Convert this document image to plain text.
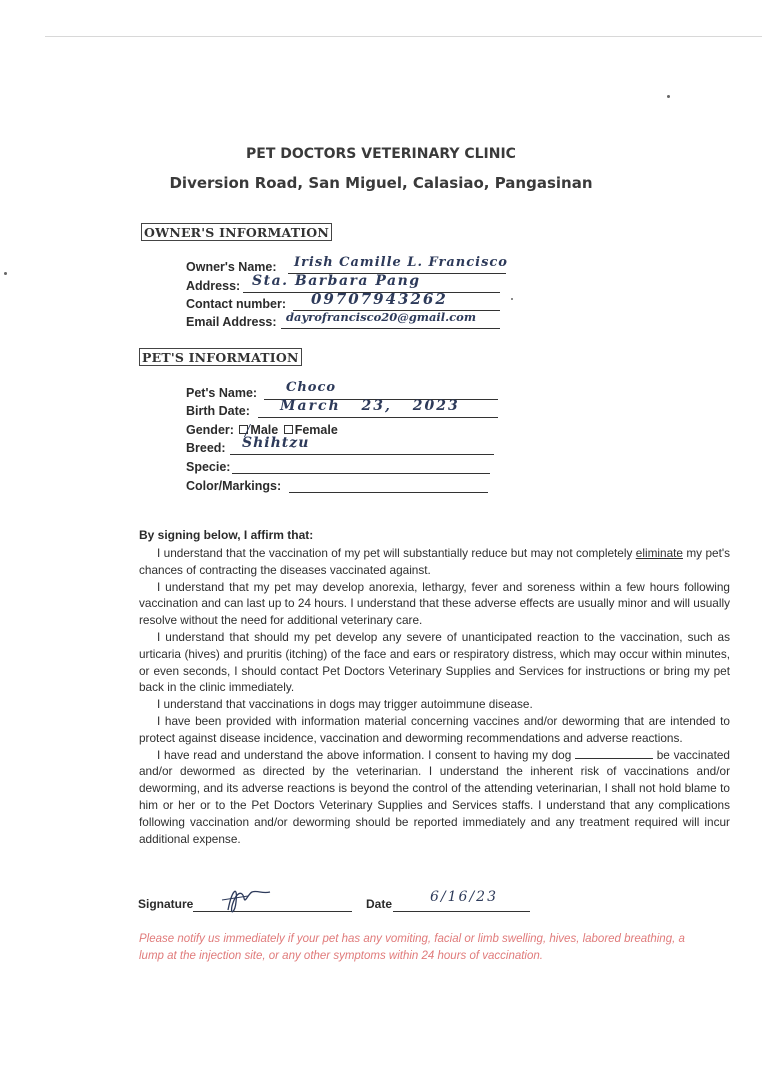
PET DOCTORS VETERINARY CLINIC
Diversion Road, San Miguel, Calasiao, Pangasinan
OWNER'S INFORMATION
Owner's Name: Irish Camille L. Francisco
Address: Sta. Barbara Pang
Contact number: 09707943262
Email Address: dayrofrancisco20@gmail.com
PET'S INFORMATION
Pet's Name: Choco
Birth Date: March 23, 2023
Gender: Male Female
Breed: Shihtzu
Specie:
Color/Markings:
By signing below, I affirm that:

I understand that the vaccination of my pet will substantially reduce but may not completely eliminate my pet's chances of contracting the diseases vaccinated against.

I understand that my pet may develop anorexia, lethargy, fever and soreness within a few hours following vaccination and can last up to 24 hours. I understand that these adverse effects are usually minor and will usually resolve without the need for additional veterinary care.

I understand that should my pet develop any severe of unanticipated reaction to the vaccination, such as urticaria (hives) and pruritis (itching) of the face and ears or respiratory distress, which may occur within minutes, or even seconds, I should contact Pet Doctors Veterinary Supplies and Services for instructions or bring my pet back in the clinic immediately.

I understand that vaccinations in dogs may trigger autoimmune disease.

I have been provided with information material concerning vaccines and/or deworming that are intended to protect against disease incidence, vaccination and deworming recommendations and adverse reactions.

I have read and understand the above information. I consent to having my dog	be vaccinated and/or dewormed as directed by the veterinarian. I understand the inherent risk of vaccinations and/or deworming, and its adverse reactions is beyond the control of the attending veterinarian, I shall not hold blame to him or her or to the Pet Doctors Veterinary Supplies and Services staffs. I understand that any complications following vaccination and/or deworming should be reported immediately and any treatment required will incur additional expense.

Signature	Date	6/16/23
Please notify us immediately if your pet has any vomiting, facial or limb swelling, hives, labored breathing, a lump at the injection site, or any other symptoms within 24 hours of vaccination.
